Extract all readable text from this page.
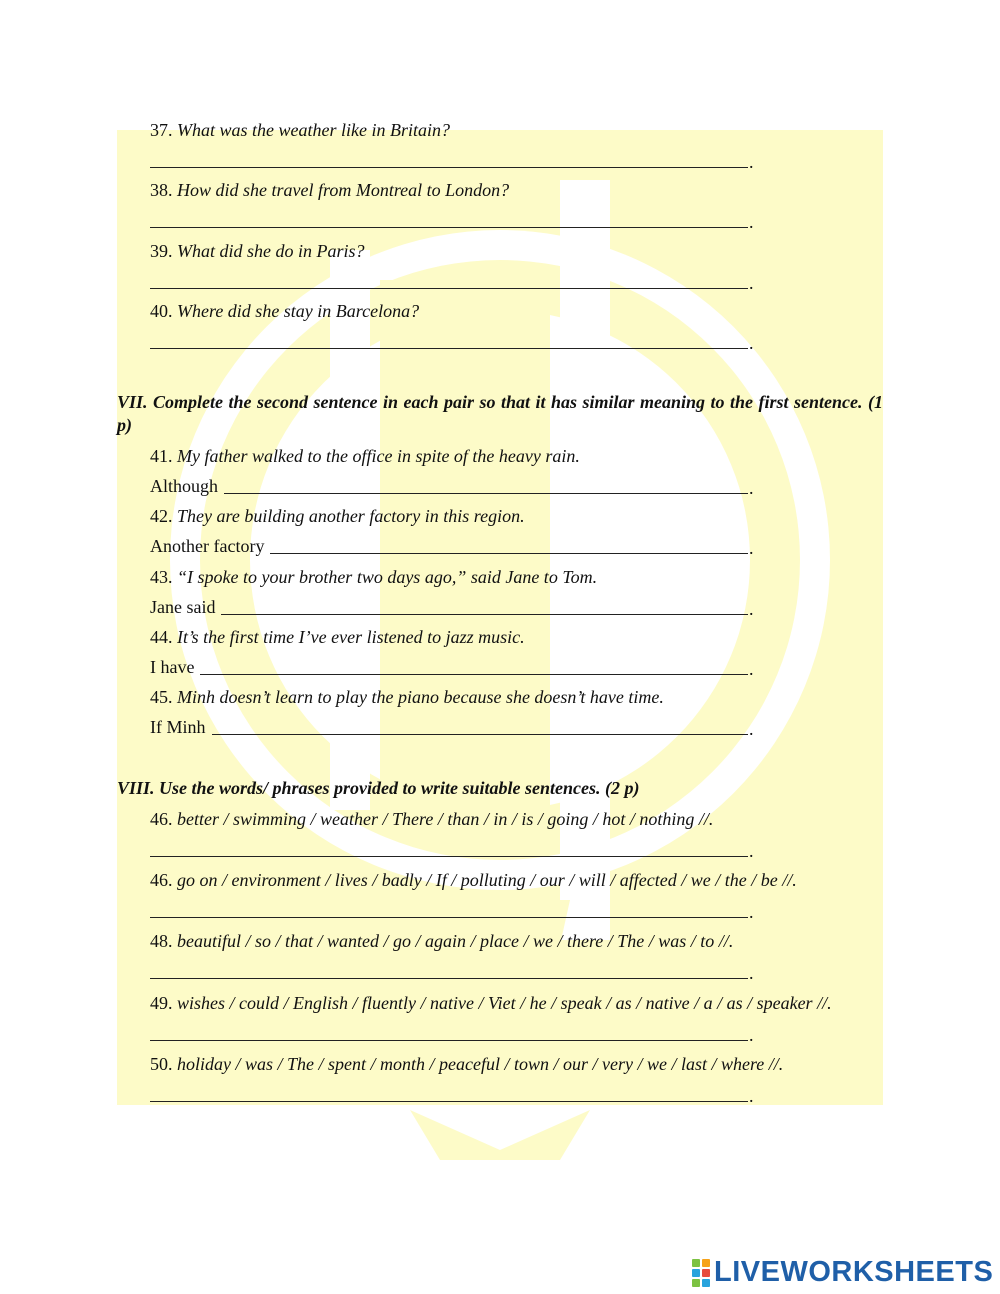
37. What was the weather like in Britain?
.
38. How did she travel from Montreal to London?
.
39. What did she do in Paris?
.
40. Where did she stay in Barcelona?
.
VII. Complete the second sentence in each pair so that it has similar meaning to the first sentence. (1 p)
41. My father walked to the office in spite of the heavy rain.
Although	.
42. They are building another factory in this region.
Another factory	.
43. “I spoke to your brother two days ago,” said Jane to Tom.
Jane said	.
44. It’s the first time I’ve ever listened to jazz music.
I have	.
45. Minh doesn’t learn to play the piano because she doesn’t have time.
If Minh	.
VIII. Use the words/ phrases provided to write suitable sentences. (2 p)
46. better / swimming / weather / There / than / in / is / going / hot / nothing //.
.
46. go on / environment / lives / badly / If / polluting / our / will / affected / we / the / be //.
.
48. beautiful / so / that / wanted / go / again / place / we / there / The / was / to //.
.
49. wishes / could / English / fluently / native / Viet / he / speak / as / native / a / as / speaker //.
.
50. holiday / was / The / spent / month / peaceful / town / our / very / we / last / where //.
.
LIVEWORKSHEETS
